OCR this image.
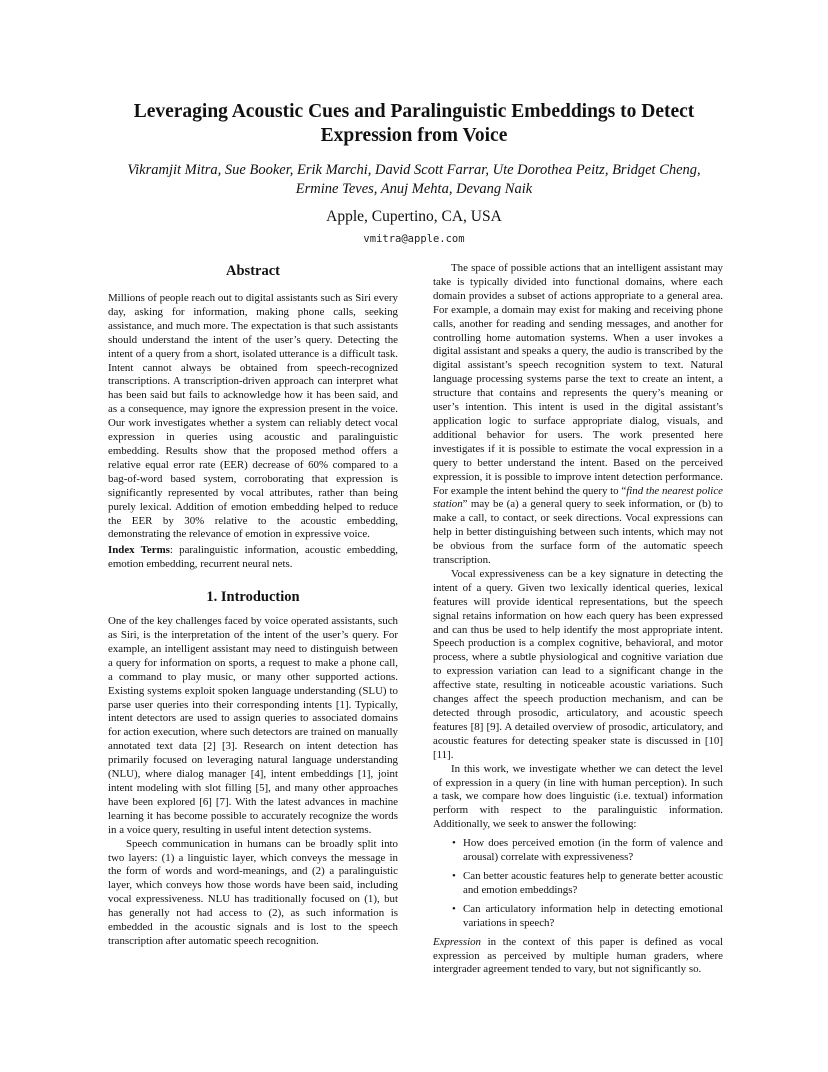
Leveraging Acoustic Cues and Paralinguistic Embeddings to Detect
Expression from Voice
Vikramjit Mitra, Sue Booker, Erik Marchi, David Scott Farrar, Ute Dorothea Peitz, Bridget Cheng,
Ermine Teves, Anuj Mehta, Devang Naik
Apple, Cupertino, CA, USA
vmitra@apple.com
Abstract

Millions of people reach out to digital assistants such as Siri every day, asking for information, making phone calls, seeking assistance, and much more. The expectation is that such assistants should understand the intent of the user’s query. Detecting the intent of a query from a short, isolated utterance is a difficult task. Intent cannot always be obtained from speech-recognized transcriptions. A transcription-driven approach can interpret what has been said but fails to acknowledge how it has been said, and as a consequence, may ignore the expression present in the voice. Our work investigates whether a system can reliably detect vocal expression in queries using acoustic and paralinguistic embedding. Results show that the proposed method offers a relative equal error rate (EER) decrease of 60% compared to a bag-of-word based system, corroborating that expression is significantly represented by vocal attributes, rather than being purely lexical. Addition of emotion embedding helped to reduce the EER by 30% relative to the acoustic embedding, demonstrating the relevance of emotion in expressive voice.

Index Terms: paralinguistic information, acoustic embedding, emotion embedding, recurrent neural nets.

1. Introduction

One of the key challenges faced by voice operated assistants, such as Siri, is the interpretation of the intent of the user’s query. For example, an intelligent assistant may need to distinguish between a query for information on sports, a request to make a phone call, a command to play music, or many other supported actions. Existing systems exploit spoken language understanding (SLU) to parse user queries into their corresponding intents [1]. Typically, intent detectors are used to assign queries to associated domains for action execution, where such detectors are trained on manually annotated text data [2] [3]. Research on intent detection has primarily focused on leveraging natural language understanding (NLU), where dialog manager [4], intent embeddings [1], joint intent modeling with slot filling [5], and many other approaches have been explored [6] [7]. With the latest advances in machine learning it has become possible to accurately recognize the words in a voice query, resulting in useful intent detection systems.

Speech communication in humans can be broadly split into two layers: (1) a linguistic layer, which conveys the message in the form of words and word-meanings, and (2) a paralinguistic layer, which conveys how those words have been said, including vocal expressiveness. NLU has traditionally focused on (1), but has generally not had access to (2), as such information is embedded in the acoustic signals and is lost to the speech transcription after automatic speech recognition.

The space of possible actions that an intelligent assistant may take is typically divided into functional domains, where each domain provides a subset of actions appropriate to a general area. For example, a domain may exist for making and receiving phone calls, another for reading and sending messages, and another for controlling home automation systems. When a user invokes a digital assistant and speaks a query, the audio is transcribed by the digital assistant’s speech recognition system to text. Natural language processing systems parse the text to create an intent, a structure that contains and represents the query’s meaning or user’s intention. This intent is used in the digital assistant’s application logic to surface appropriate dialog, visuals, and additional behavior for users. The work presented here investigates if it is possible to estimate the vocal expression in a query to better understand the intent. Based on the perceived expression, it is possible to improve intent detection performance. For example the intent behind the query to “find the nearest police station” may be (a) a general query to seek information, or (b) to make a call, to contact, or seek directions. Vocal expressions can help in better distinguishing between such intents, which may not be obvious from the surface form of the automatic speech transcription.

Vocal expressiveness can be a key signature in detecting the intent of a query. Given two lexically identical queries, lexical features will provide identical representations, but the speech signal retains information on how each query has been expressed and can thus be used to help identify the most appropriate intent. Speech production is a complex cognitive, behavioral, and motor process, where a subtle physiological and cognitive variation due to expression variation can lead to a significant change in the affective state, resulting in noticeable acoustic variations. Such changes affect the speech production mechanism, and can be detected through prosodic, articulatory, and acoustic speech features [8] [9]. A detailed overview of prosodic, articulatory, and acoustic features for detecting speaker state is discussed in [10] [11].

In this work, we investigate whether we can detect the level of expression in a query (in line with human perception). In such a task, we compare how does linguistic (i.e. textual) information perform with respect to the paralinguistic information. Additionally, we seek to answer the following:

• How does perceived emotion (in the form of valence and arousal) correlate with expressiveness?
• Can better acoustic features help to generate better acoustic and emotion embeddings?
• Can articulatory information help in detecting emotional variations in speech?

Expression in the context of this paper is defined as vocal expression as perceived by multiple human graders, where intergrader agreement tended to vary, but not significantly so.
